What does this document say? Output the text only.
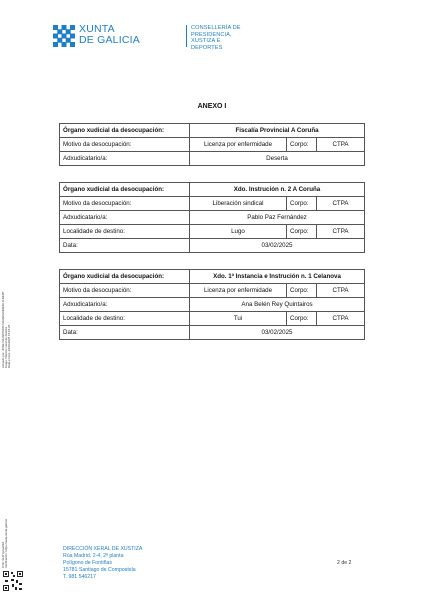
XUNTA
DE GALICIA
CONSELLERÍA DE
PRESIDENCIA,
XUSTIZA E DEPORTES
ANEXO I
Órgano xudicial da desocupación:	Fiscalía Provincial A Coruña		
Motivo da desocupación:	Licenza por enfermidade	Corpo:	CTPA
Adxudicatario/a:	Deserta		
Órgano xudicial da desocupación:	Xdo. Instrución n. 2 A Coruña		
Motivo da desocupación:	Liberación sindical	Corpo:	CTPA
Adxudicatario/a:	Pablo Paz Fernández		
Localidade de destino:	Lugo	Corpo:	CTPA
Data:	03/02/2025		
Órgano xudicial da desocupación:	Xdo. 1ª Instancia e Instrución n. 1 Celanova		
Motivo da desocupación:	Licenza por enfermidade	Corpo:	CTPA
Adxudicatario/a:	Ana Belén Rey Quintairos		
Localidade de destino:	Tui	Corpo:	CTPA
Data:	03/02/2025		
Asinado por: JOSE FRANCISCO FRANCHOMERI ALBERT Cargo: Director xeral de Xustiza Data e hora: 04/02/2025 15:18:25
CVE: 9kJTxjoxwPE1 Verificación: https://sede.xunta.gal/cve	DIRECCIÓN XERAL DE XUSTIZA
Rúa Madrid, 2-4, 2ª planta
Polígono de Fontiñas
15781 Santiago de Compostela
T. 981 546217
2 de 2
